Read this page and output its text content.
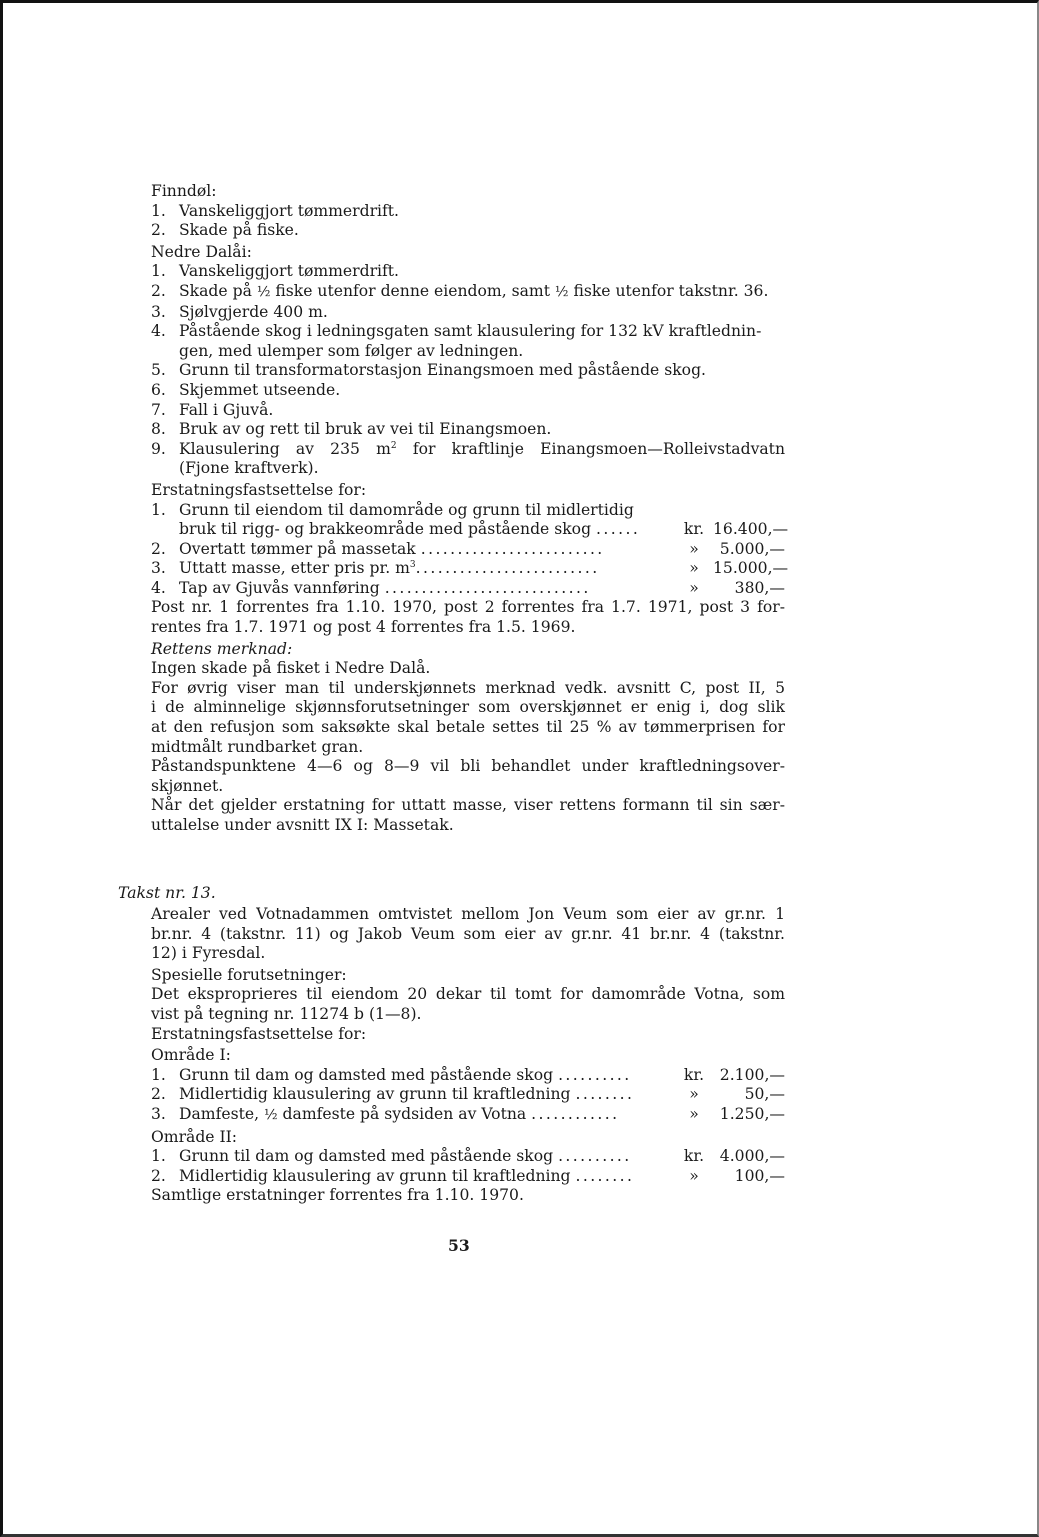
Finndøl:
1. Vanskeliggjort tømmerdrift.
2. Skade på fiske.
Nedre Dalåi:
1. Vanskeliggjort tømmerdrift.
2. Skade på ½ fiske utenfor denne eiendom, samt ½ fiske utenfor takstnr. 36.
3. Sjølvgjerde 400 m.
4. Påstående skog i ledningsgaten samt klausulering for 132 kV kraftlednin-
gen, med ulemper som følger av ledningen.
5. Grunn til transformatorstasjon Einangsmoen med påstående skog.
6. Skjemmet utseende.
7. Fall i Gjuvå.
8. Bruk av og rett til bruk av vei til Einangsmoen.
9. Klausulering av 235 $m^2$ for kraftlinje Einangsmoen—Rolleivstadvatn
(Fjone kraftverk).
Erstatningsfastsettelse for:
1. Grunn til eiendom til damområde og grunn til midlertidig
bruk til rigg- og brakkeområde med påstående skog ......	kr. 16.400,—
2. Overtatt tømmer på massetak .........................	»	5.000,—
3. Uttatt masse, etter pris pr. $m^3$.........................	» 15.000,—
4. Tap av Gjuvås vannføring ............................	»	380,—
Post nr. 1 forrentes fra 1.10. 1970, post 2 forrentes fra 1.7. 1971, post 3 for-
rentes fra 1.7. 1971 og post 4 forrentes fra 1.5. 1969.
Rettens merknad:
Ingen skade på fisket i Nedre Dalå.
For øvrig viser man til underskjønnets merknad vedk. avsnitt C, post II, 5
i de alminnelige skjønnsforutsetninger som overskjønnet er enig i, dog slik
at den refusjon som saksøkte skal betale settes til 25 % av tømmerprisen for
midtmålt rundbarket gran.
Påstandspunktene 4—6 og 8—9 vil bli behandlet under kraftledningsover-
skjønnet.
Når det gjelder erstatning for uttatt masse, viser rettens formann til sin sær-
uttalelse under avsnitt IX I: Massetak.
Takst nr. 13.
Arealer ved Votnadammen omtvistet mellom Jon Veum som eier av gr.nr. 1
br.nr. 4 (takstnr. 11) og Jakob Veum som eier av gr.nr. 41 br.nr. 4 (takstnr.
12) i Fyresdal.
Spesielle forutsetninger:
Det eksproprieres til eiendom 20 dekar til tomt for damområde Votna, som
vist på tegning nr. 11274 b (1—8).
Erstatningsfastsettelse for:
Område I:
1. Grunn til dam og damsted med påstående skog ..........	kr.	2.100,—
2. Midlertidig klausulering av grunn til kraftledning ........	»	50,—
3. Damfeste, ½ damfeste på sydsiden av Votna ............	»	1.250,—
Område II:
1. Grunn til dam og damsted med påstående skog ..........	kr.	4.000,—
2. Midlertidig klausulering av grunn til kraftledning ........	»	100,—
Samtlige erstatninger forrentes fra 1.10. 1970.
53
